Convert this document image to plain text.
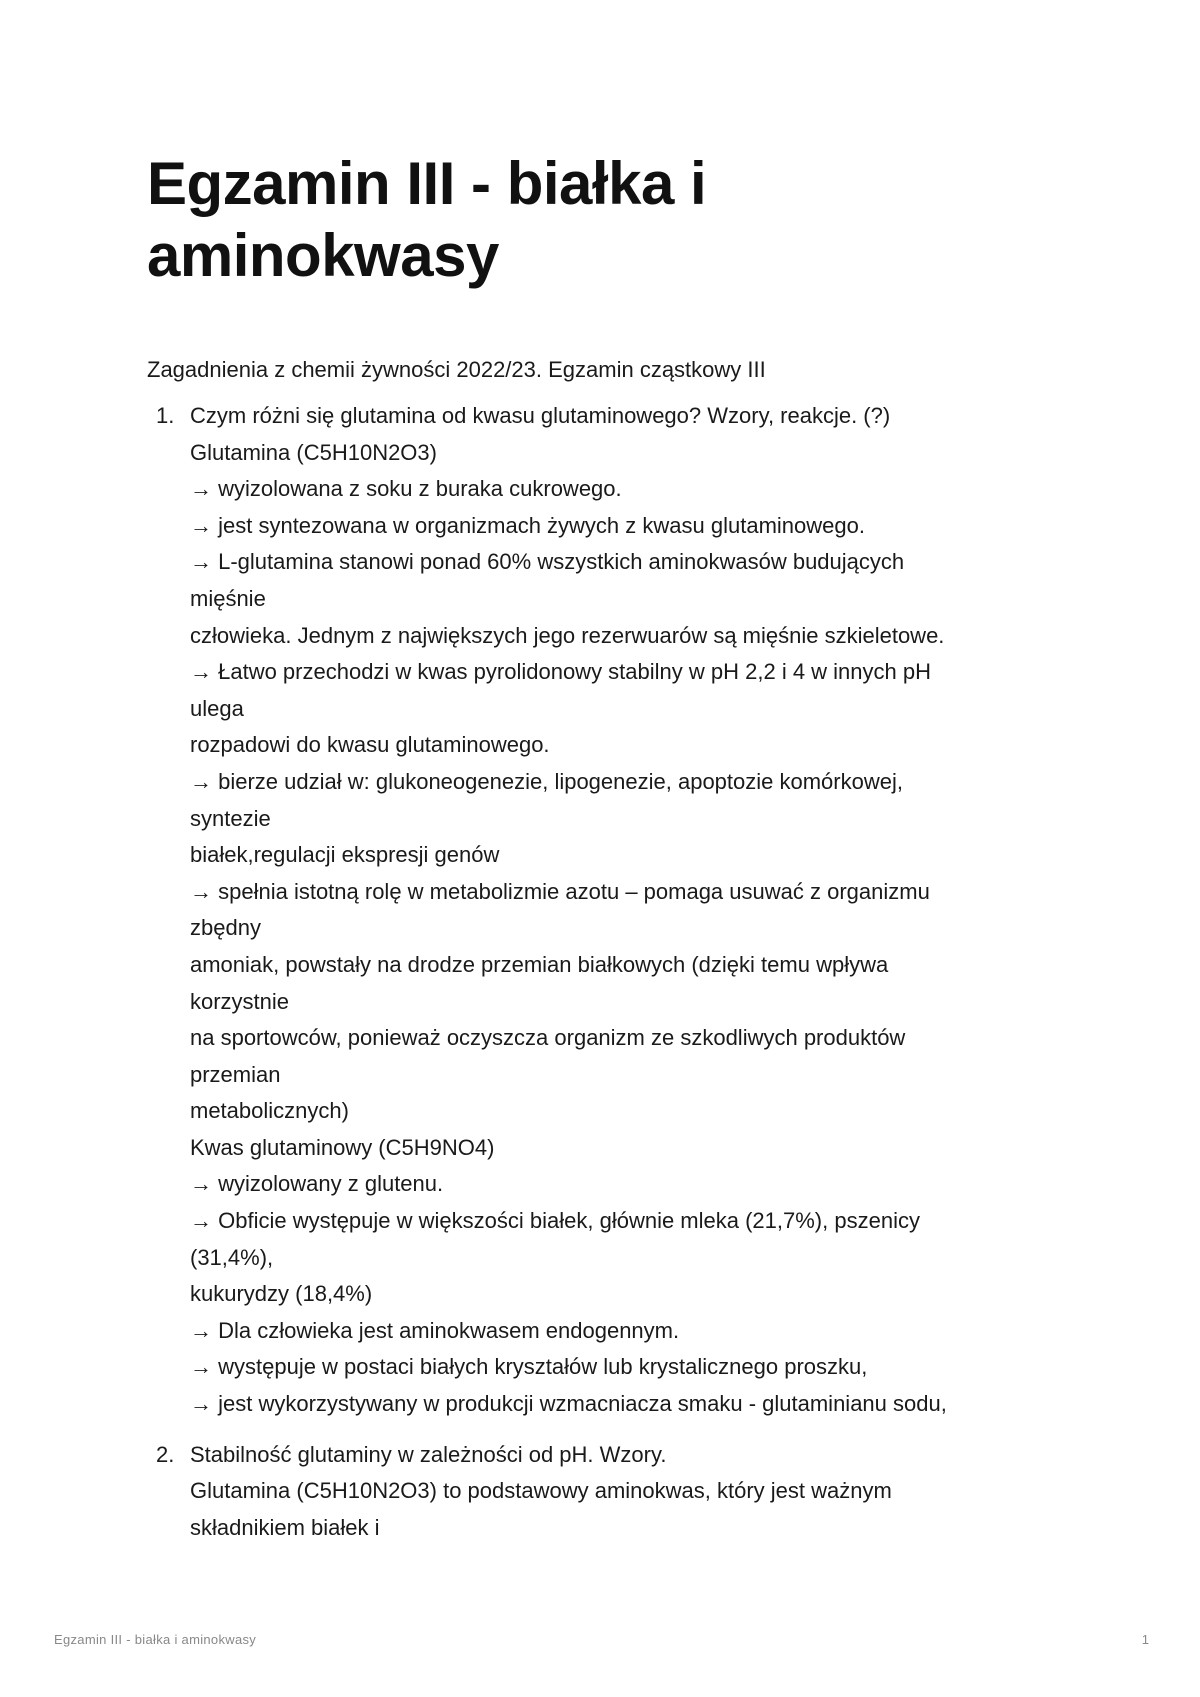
Egzamin III - białka i
aminokwasy
Zagadnienia z chemii żywności 2022/23. Egzamin cząstkowy III
1. Czym różni się glutamina od kwasu glutaminowego? Wzory, reakcje. (?)
Glutamina (C5H10N2O3)
→ wyizolowana z soku z buraka cukrowego.
→ jest syntezowana w organizmach żywych z kwasu glutaminowego.
→ L-glutamina stanowi ponad 60% wszystkich aminokwasów budujących
mięśnie
człowieka. Jednym z największych jego rezerwuarów są mięśnie szkieletowe.
→ Łatwo przechodzi w kwas pyrolidonowy stabilny w pH 2,2 i 4 w innych pH
ulega
rozpadowi do kwasu glutaminowego.
→ bierze udział w: glukoneogenezie, lipogenezie, apoptozie komórkowej,
syntezie
białek,regulacji ekspresji genów
→ spełnia istotną rolę w metabolizmie azotu – pomaga usuwać z organizmu
zbędny
amoniak, powstały na drodze przemian białkowych (dzięki temu wpływa
korzystnie
na sportowców, ponieważ oczyszcza organizm ze szkodliwych produktów
przemian
metabolicznych)
Kwas glutaminowy (C5H9NO4)
→ wyizolowany z glutenu.
→ Obficie występuje w większości białek, głównie mleka (21,7%), pszenicy
(31,4%),
kukurydzy (18,4%)
→ Dla człowieka jest aminokwasem endogennym.
→ występuje w postaci białych kryształów lub krystalicznego proszku,
→ jest wykorzystywany w produkcji wzmacniacza smaku - glutaminianu sodu,
2. Stabilność glutaminy w zależności od pH. Wzory.
Glutamina (C5H10N2O3) to podstawowy aminokwas, który jest ważnym
składnikiem białek i
Egzamin III - białka i aminokwasy	1
